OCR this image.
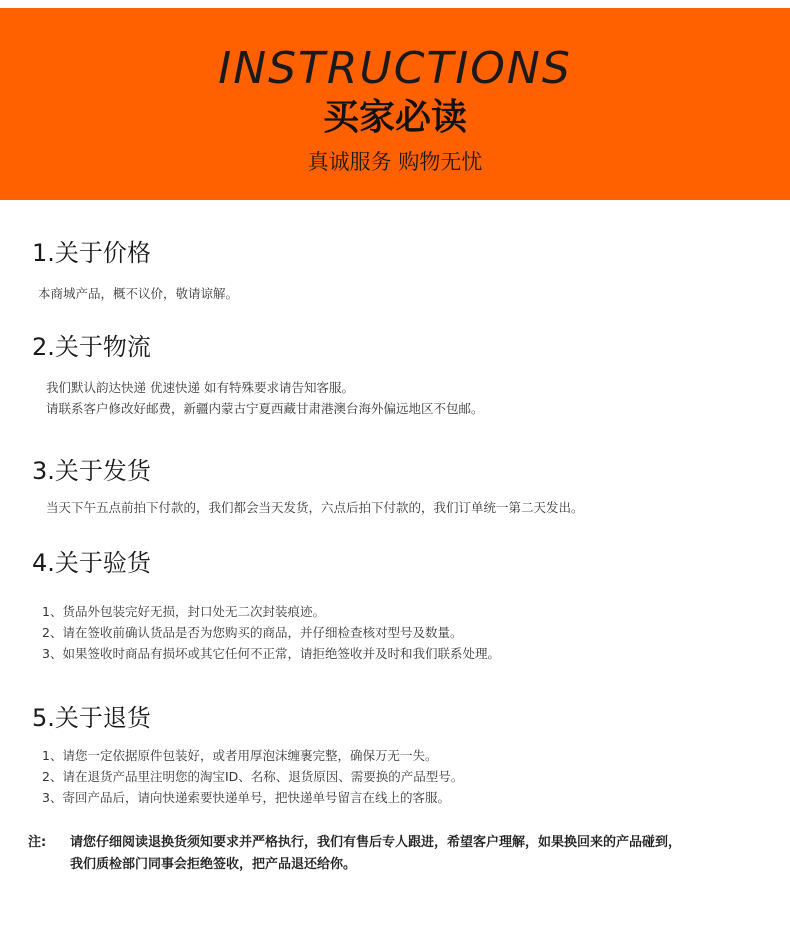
INSTRUCTIONS
买家必读
真诚服务 购物无忧
1.关于价格

本商城产品，概不议价，敬请谅解。

2.关于物流

我们默认韵达快递 优速快递 如有特殊要求请告知客服。

请联系客户修改好邮费，新疆内蒙古宁夏西藏甘肃港澳台海外偏远地区不包邮。

3.关于发货

当天下午五点前拍下付款的，我们都会当天发货，六点后拍下付款的，我们订单统一第二天发出。

4.关于验货

1、货品外包装完好无损，封口处无二次封装痕迹。

2、请在签收前确认货品是否为您购买的商品，并仔细检查核对型号及数量。

3、如果签收时商品有损坏或其它任何不正常，请拒绝签收并及时和我们联系处理。

5.关于退货

1、请您一定依据原件包装好，或者用厚泡沫缠裹完整，确保万无一失。

2、请在退货产品里注明您的淘宝ID、名称、退货原因、需要换的产品型号。

3、寄回产品后，请向快递索要快递单号，把快递单号留言在线上的客服。

注: 请您仔细阅读退换货须知要求并严格执行，我们有售后专人跟进，希望客户理解，如果换回来的产品碰到，
我们质检部门同事会拒绝签收，把产品退还给你。
